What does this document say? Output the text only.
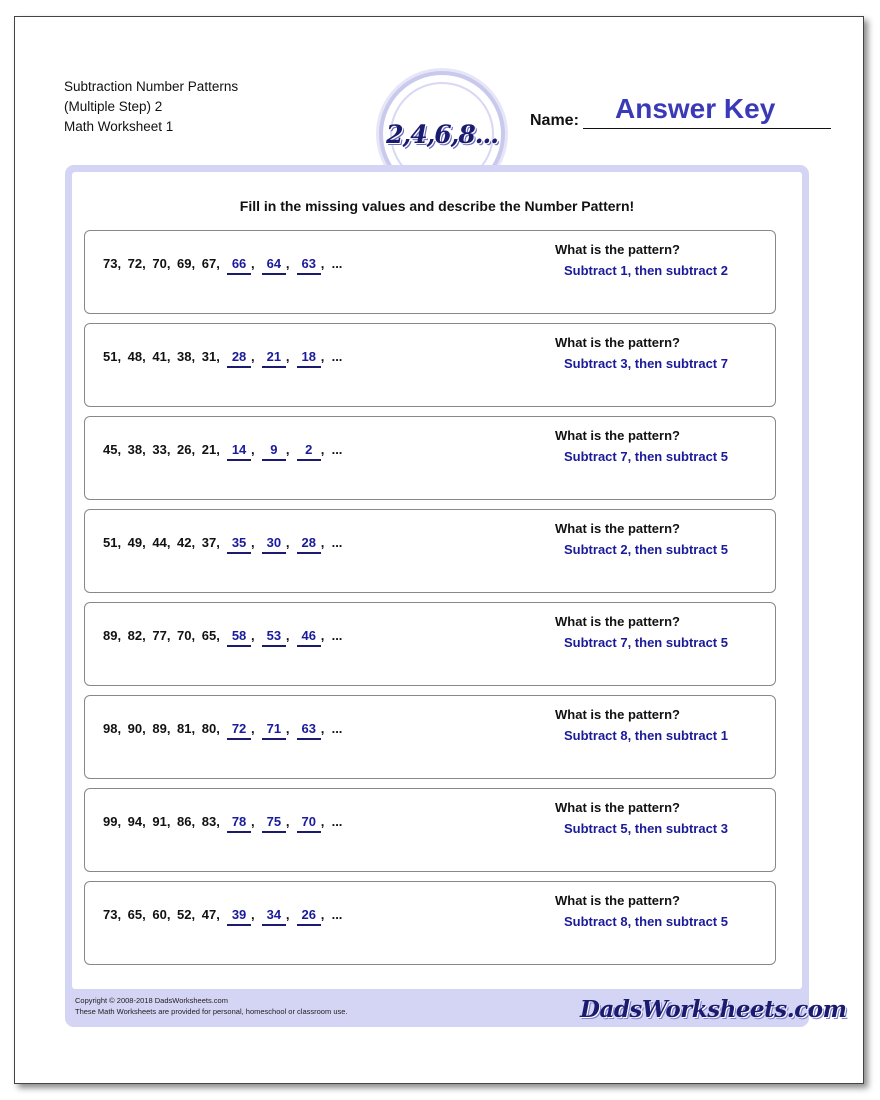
Subtraction Number Patterns
(Multiple Step) 2
Math Worksheet 1	2,4,6,8... Name: Answer Key
Fill in the missing values and describe the Number Pattern!
73, 72, 70, 69, 67, 66 ,  64 ,  63 ,  ...
What is the pattern?
Subtract 1, then subtract 2
51, 48, 41, 38, 31, 28 ,  21 ,  18 ,  ...
What is the pattern?
Subtract 3, then subtract 7
45, 38, 33, 26, 21, 14 ,  9 ,  2 ,  ...
What is the pattern?
Subtract 7, then subtract 5
51, 49, 44, 42, 37, 35 ,  30 ,  28 ,  ...
What is the pattern?
Subtract 2, then subtract 5
89, 82, 77, 70, 65, 58 ,  53 ,  46 ,  ...
What is the pattern?
Subtract 7, then subtract 5
98, 90, 89, 81, 80, 72 ,  71 ,  63 ,  ...
What is the pattern?
Subtract 8, then subtract 1
99, 94, 91, 86, 83, 78 ,  75 ,  70 ,  ...
What is the pattern?
Subtract 5, then subtract 3
73, 65, 60, 52, 47, 39 ,  34 ,  26 ,  ...
What is the pattern?
Subtract 8, then subtract 5
Copyright © 2008-2018 DadsWorksheets.com
These Math Worksheets are provided for personal, homeschool or classroom use.	DadsWorksheets.com
